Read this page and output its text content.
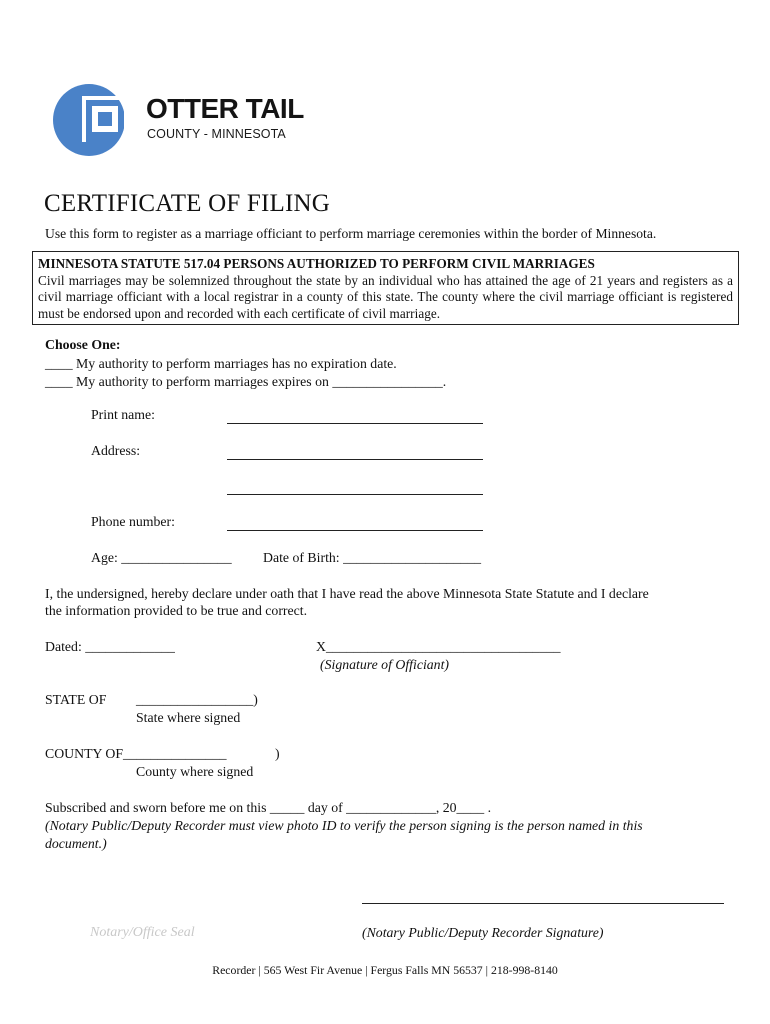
OTTER TAIL
COUNTY - MINNESOTA
CERTIFICATE OF FILING
Use this form to register as a marriage officiant to perform marriage ceremonies within the border of Minnesota.
MINNESOTA STATUTE 517.04 PERSONS AUTHORIZED TO PERFORM CIVIL MARRIAGES
Civil marriages may be solemnized throughout the state by an individual who has attained the age of 21 years and registers as a civil marriage officiant with a local registrar in a county of this state. The county where the civil marriage officiant is registered must be endorsed upon and recorded with each certificate of civil marriage.
Choose One:
____ My authority to perform marriages has no expiration date.
____ My authority to perform marriages expires on ________________.
Print name:
Address:
Phone number:
Age: ________________ Date of Birth: ____________________
I, the undersigned, hereby declare under oath that I have read the above Minnesota State Statute and I declare
the information provided to be true and correct.
Dated: _____________	X__________________________________
(Signature of Officiant)
STATE OF _________________)
State where signed
COUNTY OF_______________	)
County where signed
Subscribed and sworn before me on this _____ day of _____________, 20____ .
(Notary Public/Deputy Recorder must view photo ID to verify the person signing is the person named in this
document.)
Notary/Office Seal	(Notary Public/Deputy Recorder Signature)
Recorder | 565 West Fir Avenue | Fergus Falls MN 56537 | 218-998-8140
